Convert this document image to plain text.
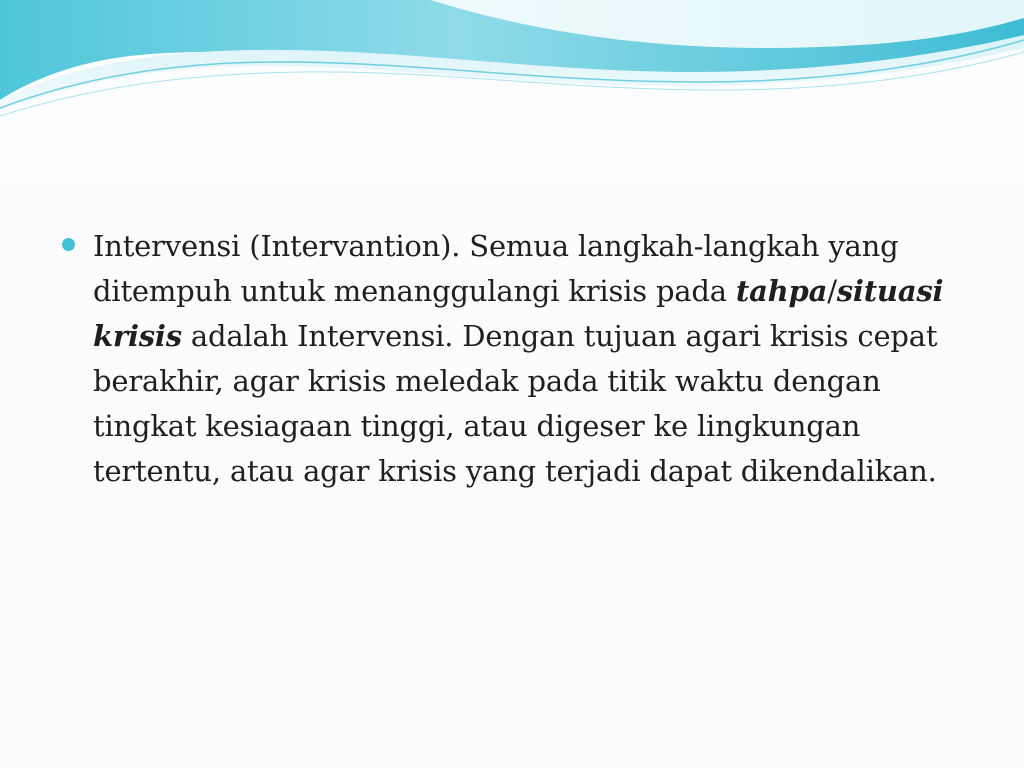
Intervensi (Intervantion). Semua langkah-langkah yang ditempuh untuk menanggulangi krisis pada tahpa/situasi krisis adalah Intervensi. Dengan tujuan agari krisis cepat berakhir, agar krisis meledak pada titik waktu dengan tingkat kesiagaan tinggi, atau digeser ke lingkungan tertentu, atau agar krisis yang terjadi dapat dikendalikan.
